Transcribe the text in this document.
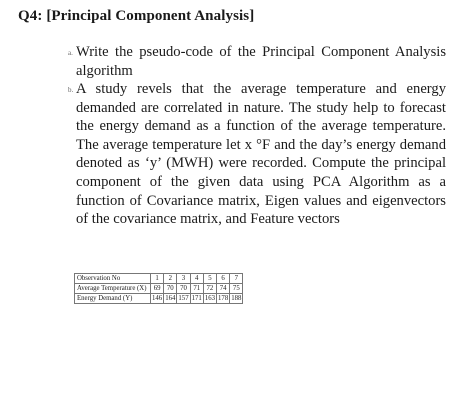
Q4: [Principal Component Analysis]
a. Write the pseudo-code of the Principal Component Analysis algorithm
b. A study revels that the average temperature and energy demanded are correlated in nature. The study help to forecast the energy demand as a function of the average temperature. The average temperature let x °F and the day’s energy demand denoted as ‘y’ (MWH) were recorded. Compute the principal component of the given data using PCA Algorithm as a function of Covariance matrix, Eigen values and eigenvectors of the covariance matrix, and Feature vectors
Observation No	1	2	3	4	5	6	7
Average Temperature (X)	69	70	70	71	72	74	75
Energy Demand (Y)	146	164	157	171	163	178	188
